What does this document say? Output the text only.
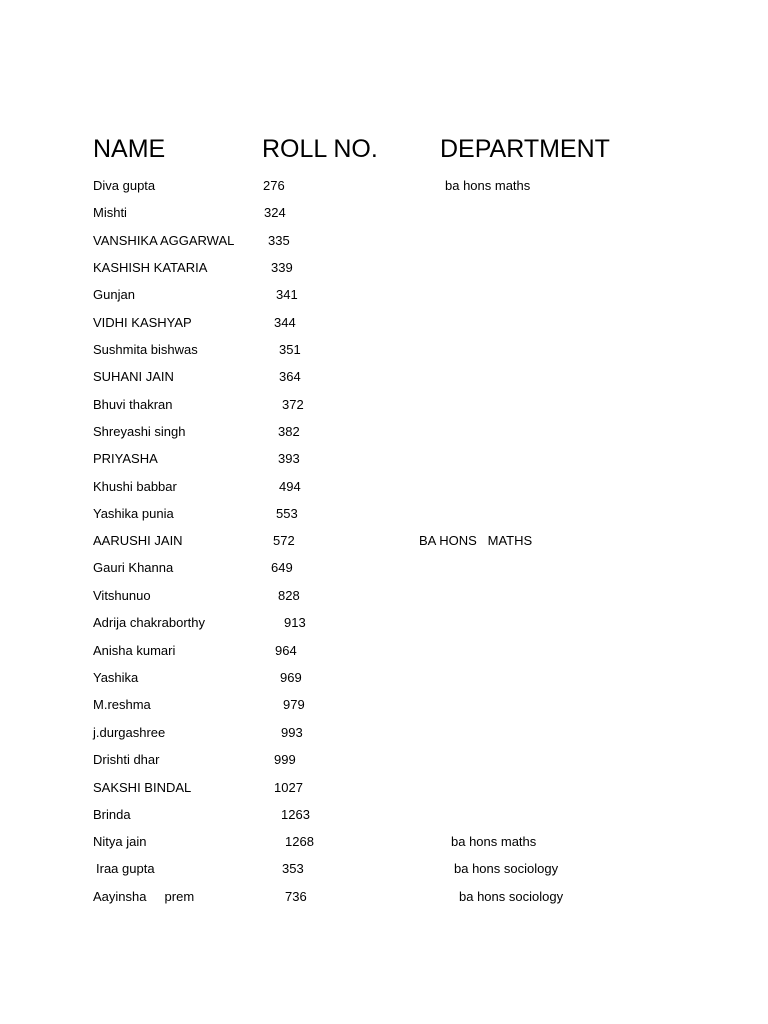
NAME	ROLL NO. DEPARTMENT
Diva gupta	276	ba hons maths
Mishti	324
VANSHIKA AGGARWAL	335
KASHISH KATARIA	339
Gunjan	341
VIDHI KASHYAP	344
Sushmita bishwas	351
SUHANI JAIN	364
Bhuvi thakran	372
Shreyashi singh	382
PRIYASHA	393
Khushi babbar	494
Yashika punia	553
AARUSHI JAIN	572	BA HONS   MATHS
Gauri Khanna	649
Vitshunuo	828
Adrija chakraborthy	913
Anisha kumari	964
Yashika	969
M.reshma	979
j.durgashree	993
Drishti dhar	999
SAKSHI BINDAL	1027
Brinda	1263
Nitya jain	1268	ba hons maths
Iraa gupta	353	ba hons sociology
Aayinsha     prem	736	ba hons sociology
